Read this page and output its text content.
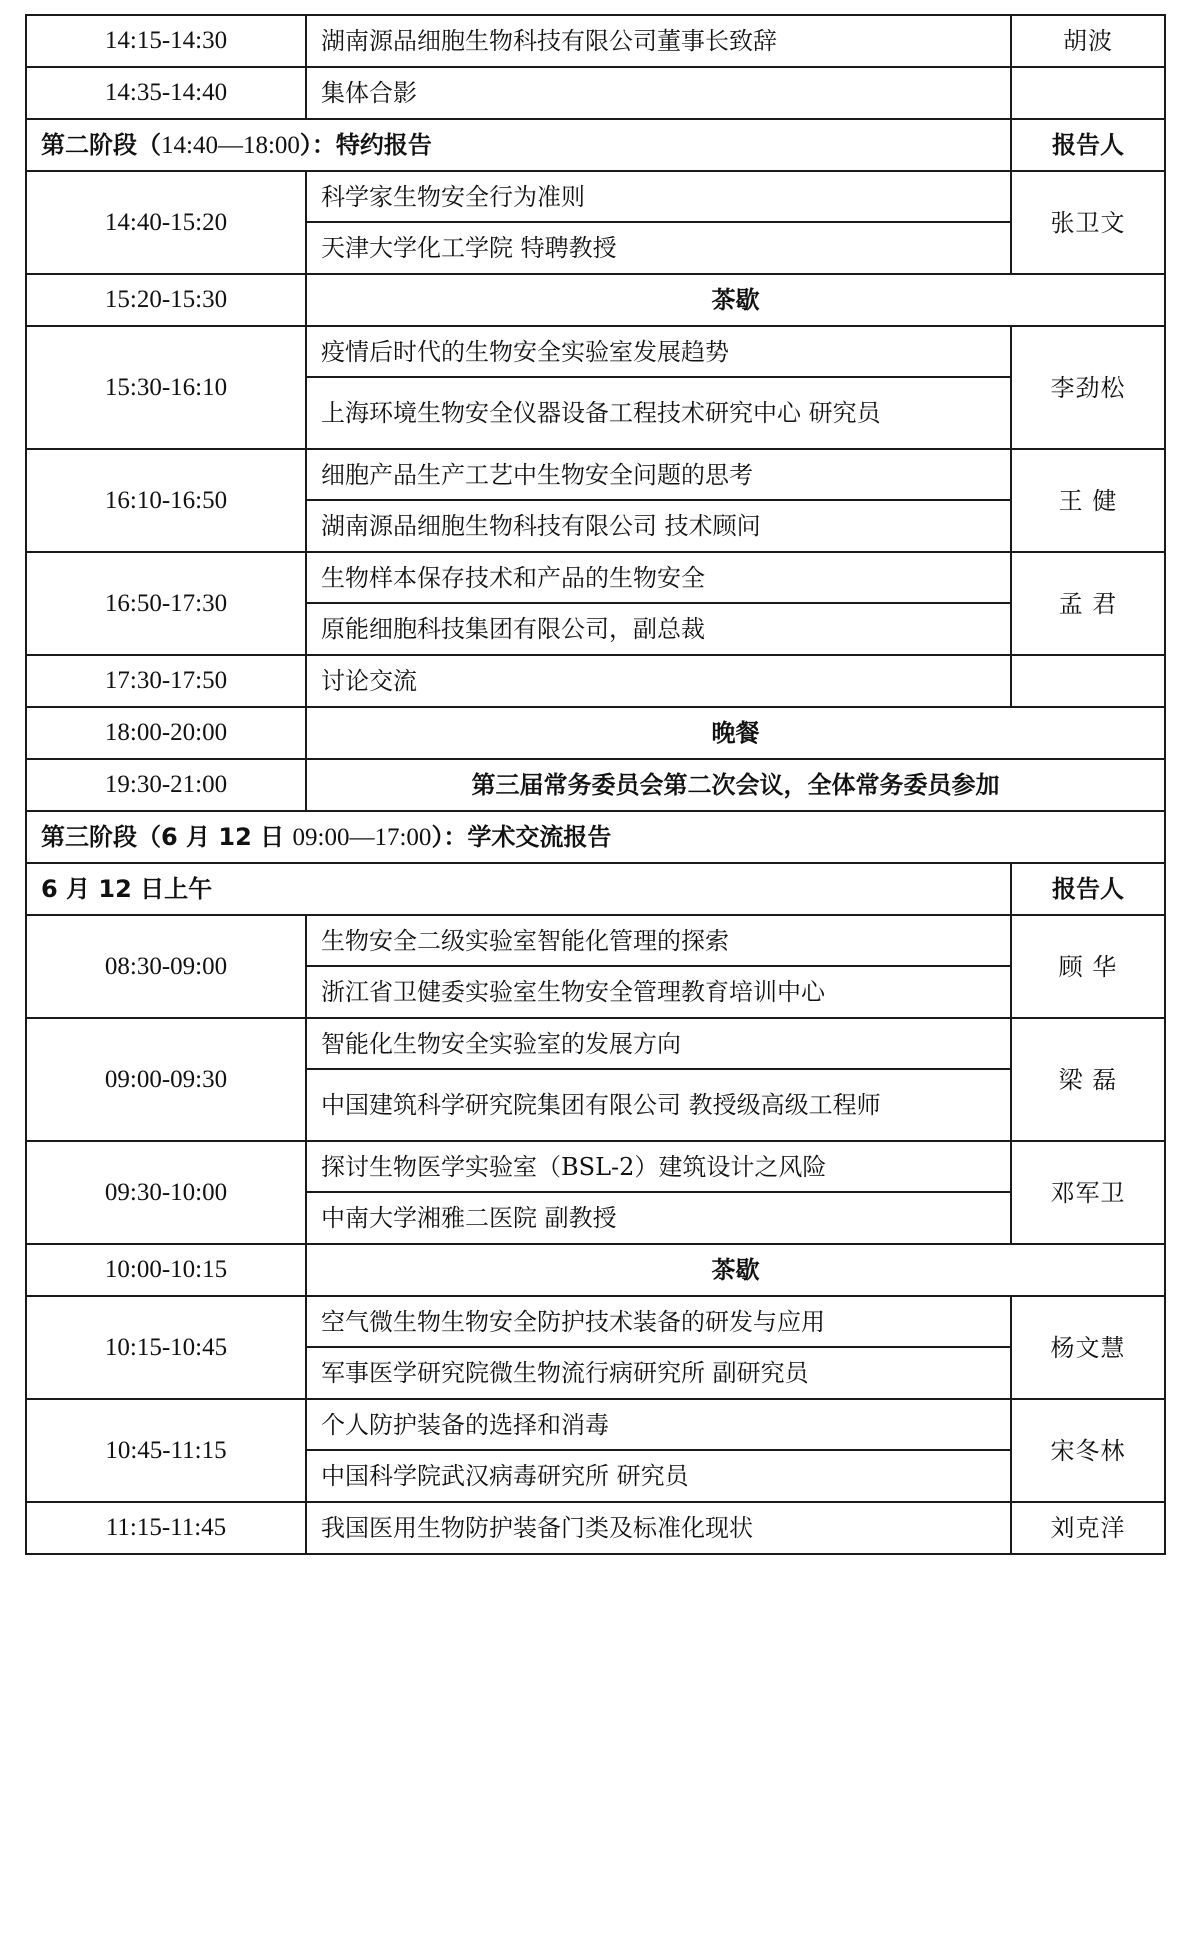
14:15-14:30	湖南源品细胞生物科技有限公司董事长致辞	胡波
14:35-14:40	集体合影	
第二阶段（14:40—18:00）：特约报告		报告人
14:40-15:20	科学家生物安全行为准则	张卫文
	天津大学化工学院 特聘教授	
15:20-15:30	茶歇	
15:30-16:10	疫情后时代的生物安全实验室发展趋势	李劲松
	上海环境生物安全仪器设备工程技术研究中心 研究员	
16:10-16:50	细胞产品生产工艺中生物安全问题的思考	王 健
	湖南源品细胞生物科技有限公司 技术顾问	
16:50-17:30	生物样本保存技术和产品的生物安全	孟 君
	原能细胞科技集团有限公司，副总裁	
17:30-17:50	讨论交流	
18:00-20:00	晚餐	
19:30-21:00	第三届常务委员会第二次会议，全体常务委员参加	
第三阶段（6 月 12 日 09:00—17:00）：学术交流报告		
6 月 12 日上午		报告人
08:30-09:00	生物安全二级实验室智能化管理的探索	顾 华
	浙江省卫健委实验室生物安全管理教育培训中心	
09:00-09:30	智能化生物安全实验室的发展方向	梁 磊
	中国建筑科学研究院集团有限公司 教授级高级工程师	
09:30-10:00	探讨生物医学实验室（BSL-2）建筑设计之风险	邓军卫
	中南大学湘雅二医院 副教授	
10:00-10:15	茶歇	
10:15-10:45	空气微生物生物安全防护技术装备的研发与应用	杨文慧
	军事医学研究院微生物流行病研究所 副研究员	
10:45-11:15	个人防护装备的选择和消毒	宋冬林
	中国科学院武汉病毒研究所 研究员	
11:15-11:45	我国医用生物防护装备门类及标准化现状	刘克洋
